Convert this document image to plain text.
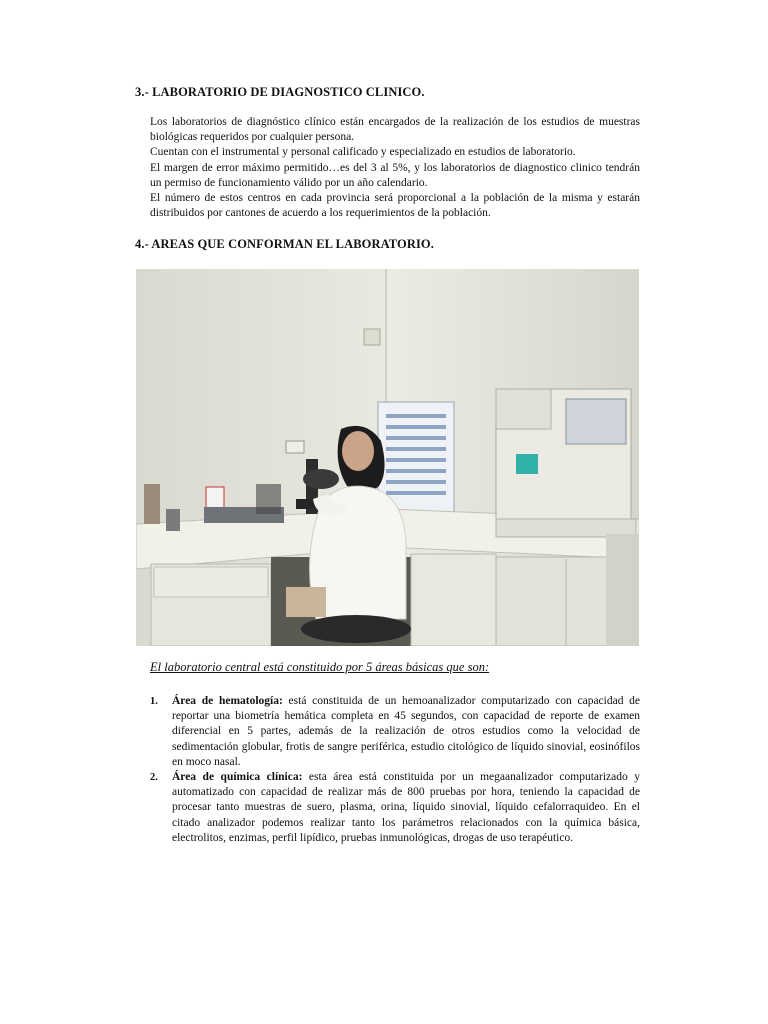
3.- LABORATORIO DE DIAGNOSTICO CLINICO.

Los laboratorios de diagnóstico clínico están encargados de la realización de los estudios de muestras biológicas requeridos por cualquier persona.

Cuentan con el instrumental y personal calificado y especializado en estudios de laboratorio.

El margen de error máximo permitido…es del 3 al 5%, y los laboratorios de diagnostico clinico tendrán un permiso de funcionamiento válido por un año calendario.

El número de estos centros en cada provincia será proporcional a la población de la misma y estarán distribuidos por cantones de acuerdo a los requerimientos de la población.

4.- AREAS QUE CONFORMAN EL LABORATORIO.

El laboratorio central está constituido por 5 áreas básicas que son:

1. Área de hematología: está constituida de un hemoanalizador computarizado con capacidad de reportar una biometría hemática completa en 45 segundos, con capacidad de reporte de examen diferencial en 5 partes, además de la realización de otros estudios como la velocidad de sedimentación globular, frotis de sangre periférica, estudio citológico de líquido sinovial, eosinófilos en moco nasal.
2. Área de química clínica: esta área está constituida por un megaanalizador computarizado y automatizado con capacidad de realizar más de 800 pruebas por hora, teniendo la capacidad de procesar tanto muestras de suero, plasma, orina, líquido sinovial, líquido cefalorraquideo. En el citado analizador podemos realizar tanto los parámetros relacionados con la química básica, electrolitos, enzimas, perfil lipídico, pruebas inmunológicas, drogas de uso terapéutico.
